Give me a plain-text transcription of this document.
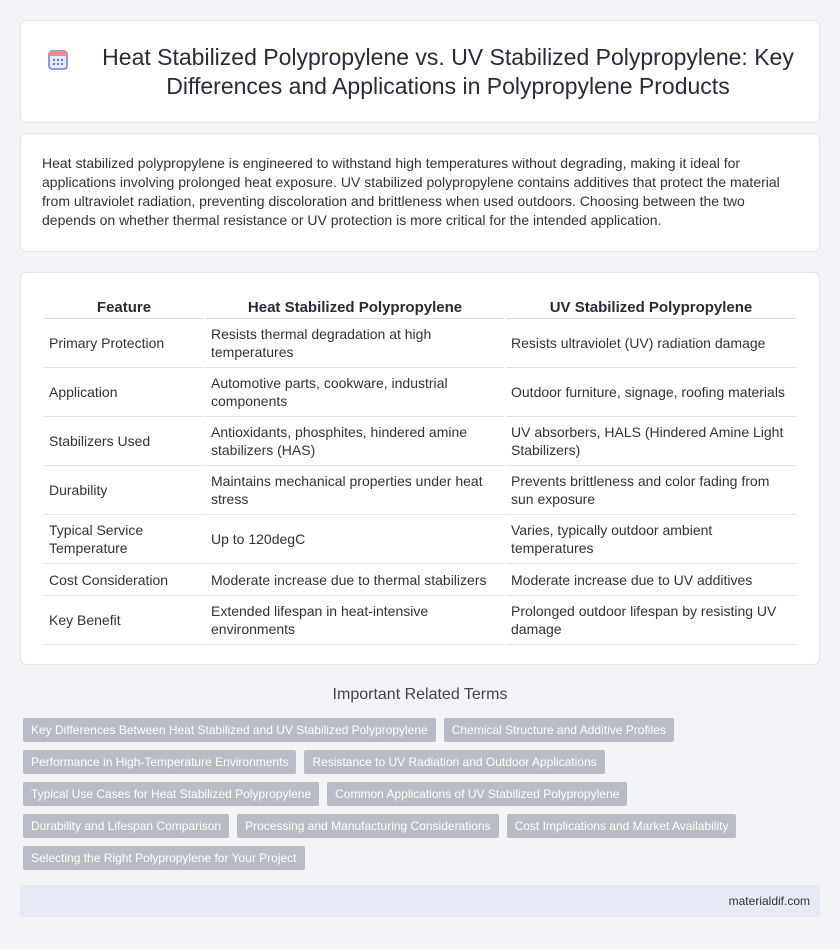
Heat Stabilized Polypropylene vs. UV Stabilized Polypropylene: Key Differences and Applications in Polypropylene Products

Heat stabilized polypropylene is engineered to withstand high temperatures without degrading, making it ideal for applications involving prolonged heat exposure. UV stabilized polypropylene contains additives that protect the material from ultraviolet radiation, preventing discoloration and brittleness when used outdoors. Choosing between the two depends on whether thermal resistance or UV protection is more critical for the intended application.

Feature	Heat Stabilized Polypropylene	UV Stabilized Polypropylene
Primary Protection	Resists thermal degradation at high temperatures	Resists ultraviolet (UV) radiation damage
Application	Automotive parts, cookware, industrial components	Outdoor furniture, signage, roofing materials
Stabilizers Used	Antioxidants, phosphites, hindered amine stabilizers (HAS)	UV absorbers, HALS (Hindered Amine Light Stabilizers)
Durability	Maintains mechanical properties under heat stress	Prevents brittleness and color fading from sun exposure
Typical Service Temperature	Up to 120degC	Varies, typically outdoor ambient temperatures
Cost Consideration	Moderate increase due to thermal stabilizers	Moderate increase due to UV additives
Key Benefit	Extended lifespan in heat-intensive environments	Prolonged outdoor lifespan by resisting UV damage
Important Related Terms
Key Differences Between Heat Stabilized and UV Stabilized Polypropylene	Chemical Structure and Additive Profiles
Performance in High-Temperature Environments	Resistance to UV Radiation and Outdoor Applications
Typical Use Cases for Heat Stabilized Polypropylene	Common Applications of UV Stabilized Polypropylene
Durability and Lifespan Comparison	Processing and Manufacturing Considerations	Cost Implications and Market Availability
Selecting the Right Polypropylene for Your Project
materialdif.com
